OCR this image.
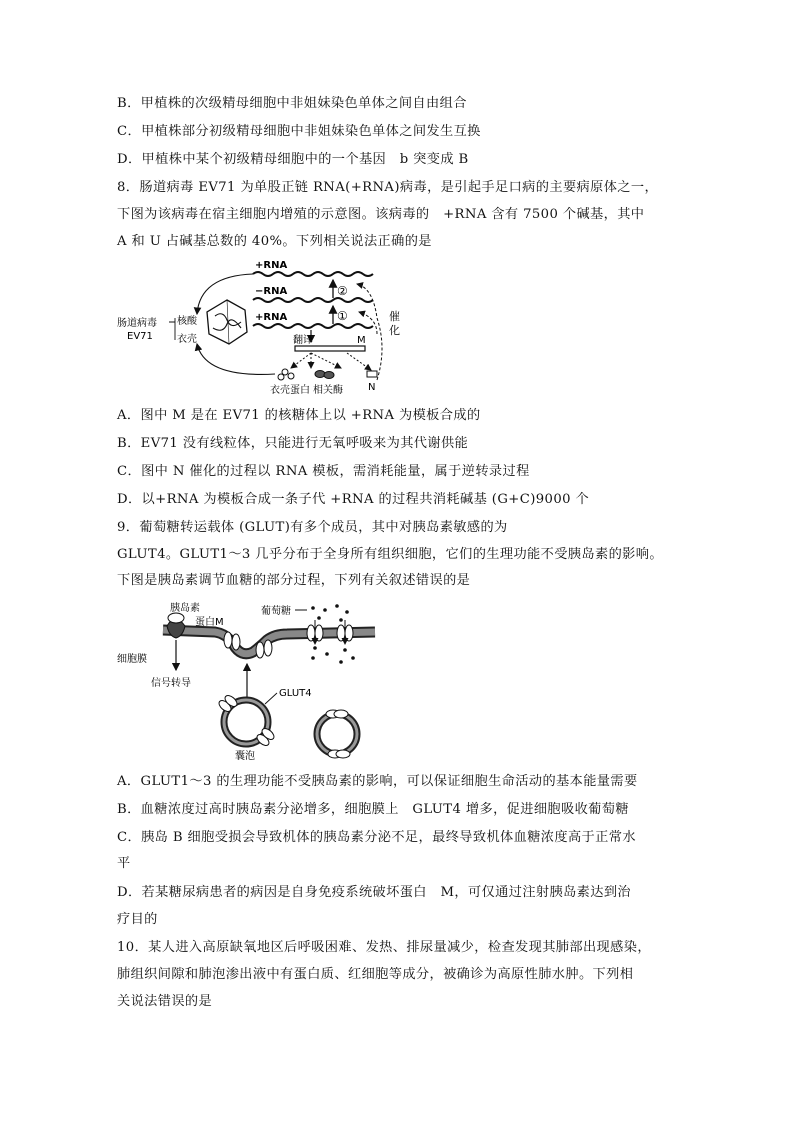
B．甲植株的次级精母细胞中非姐妹染色单体之间自由组合
C．甲植株部分初级精母细胞中非姐妹染色单体之间发生互换
D．甲植株中某个初级精母细胞中的一个基因　b 突变成 B
8．肠道病毒 EV71 为单股正链 RNA(+RNA)病毒，是引起手足口病的主要病原体之一，
下图为该病毒在宿主细胞内增殖的示意图。该病毒的　+RNA 含有 7500 个碱基，其中
A 和 U 占碱基总数的 40%。下列相关说法正确的是
+RNA
−RNA
+RNA
②
①	催
化
肠道病毒
EV71
核酸
衣壳	翻译	M
衣壳蛋白 相关酶	N
A．图中 M 是在 EV71 的核糖体上以 +RNA 为模板合成的
B．EV71 没有线粒体，只能进行无氧呼吸来为其代谢供能
C．图中 N 催化的过程以 RNA 模板，需消耗能量，属于逆转录过程
D．以+RNA 为模板合成一条子代 +RNA 的过程共消耗碱基 (G+C)9000 个
9．葡萄糖转运载体 (GLUT)有多个成员，其中对胰岛素敏感的为
GLUT4。GLUT1～3 几乎分布于全身所有组织细胞，它们的生理功能不受胰岛素的影响。
下图是胰岛素调节血糖的部分过程，下列有关叙述错误的是
胰岛素
蛋白M
细胞膜
信号转导
葡萄糖
GLUT4
囊泡
A．GLUT1～3 的生理功能不受胰岛素的影响，可以保证细胞生命活动的基本能量需要
B．血糖浓度过高时胰岛素分泌增多，细胞膜上　GLUT4 增多，促进细胞吸收葡萄糖
C．胰岛 B 细胞受损会导致机体的胰岛素分泌不足，最终导致机体血糖浓度高于正常水
平
D．若某糖尿病患者的病因是自身免疫系统破坏蛋白　M，可仅通过注射胰岛素达到治
疗目的
10．某人进入高原缺氧地区后呼吸困难、发热、排尿量减少，检查发现其肺部出现感染，
肺组织间隙和肺泡渗出液中有蛋白质、红细胞等成分，被确诊为高原性肺水肿。下列相
关说法错误的是
